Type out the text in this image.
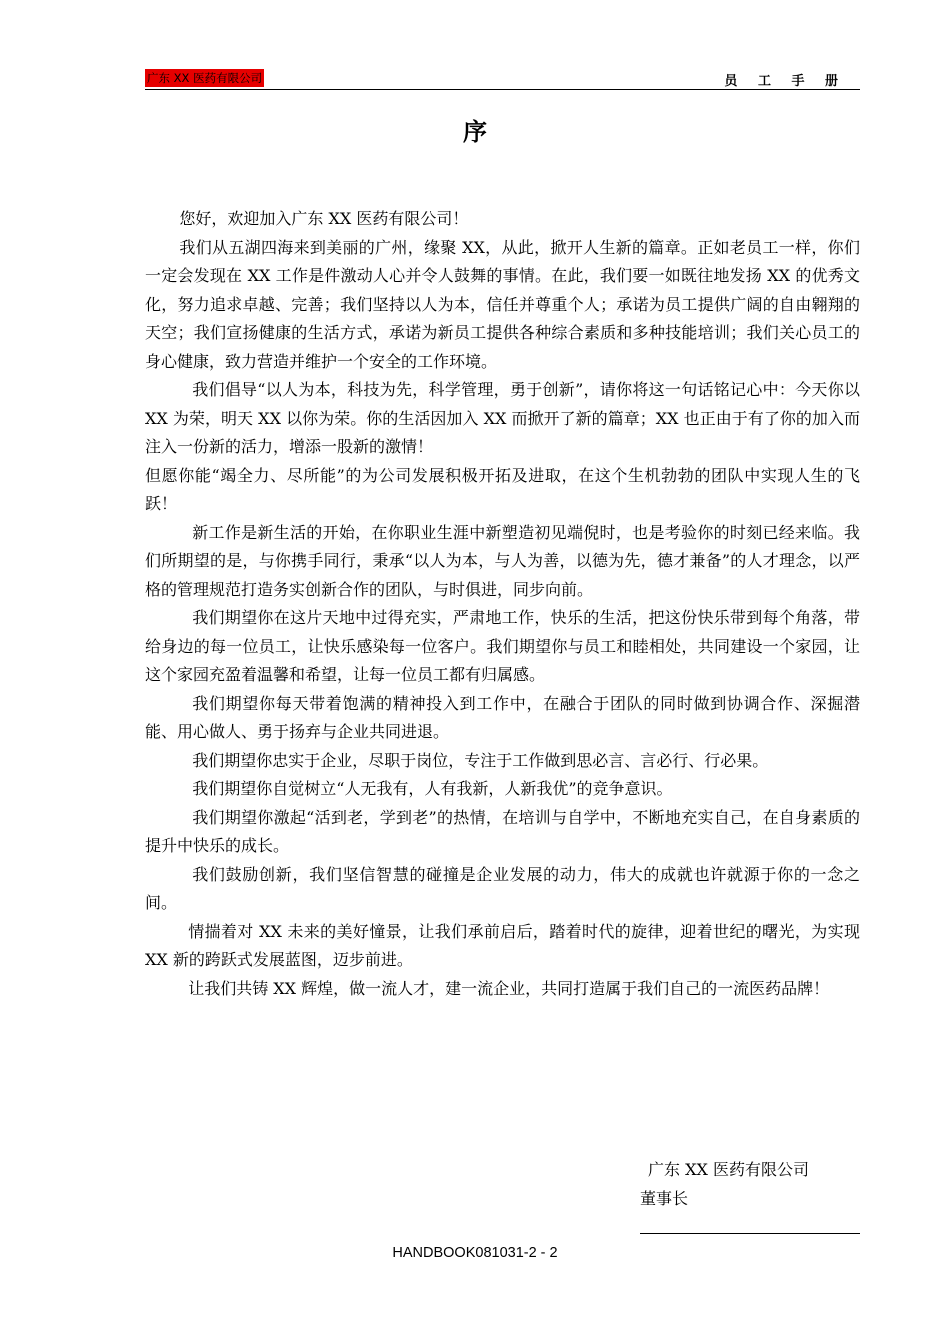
广东 XX 医药有限公司	员 工 手 册
序

您好，欢迎加入广东 XX 医药有限公司！

我们从五湖四海来到美丽的广州，缘聚 XX，从此，掀开人生新的篇章。正如老员工一样，你们一定会发现在 XX 工作是件激动人心并令人鼓舞的事情。在此，我们要一如既往地发扬 XX 的优秀文化，努力追求卓越、完善；我们坚持以人为本，信任并尊重个人；承诺为员工提供广阔的自由翱翔的天空；我们宣扬健康的生活方式，承诺为新员工提供各种综合素质和多种技能培训；我们关心员工的身心健康，致力营造并维护一个安全的工作环境。

我们倡导“以人为本，科技为先，科学管理，勇于创新”，请你将这一句话铭记心中：今天你以 XX 为荣，明天 XX 以你为荣。你的生活因加入 XX 而掀开了新的篇章；XX 也正由于有了你的加入而注入一份新的活力，增添一股新的激情！

但愿你能“竭全力、尽所能”的为公司发展积极开拓及进取，在这个生机勃勃的团队中实现人生的飞跃！

新工作是新生活的开始，在你职业生涯中新塑造初见端倪时，也是考验你的时刻已经来临。我们所期望的是，与你携手同行，秉承“以人为本，与人为善，以德为先，德才兼备”的人才理念，以严格的管理规范打造务实创新合作的团队，与时俱进，同步向前。

我们期望你在这片天地中过得充实，严肃地工作，快乐的生活，把这份快乐带到每个角落，带给身边的每一位员工，让快乐感染每一位客户。我们期望你与员工和睦相处，共同建设一个家园，让这个家园充盈着温馨和希望，让每一位员工都有归属感。

我们期望你每天带着饱满的精神投入到工作中，在融合于团队的同时做到协调合作、深掘潜能、用心做人、勇于扬弃与企业共同进退。

我们期望你忠实于企业，尽职于岗位，专注于工作做到思必言、言必行、行必果。

我们期望你自觉树立“人无我有，人有我新，人新我优”的竞争意识。

我们期望你激起“活到老，学到老”的热情，在培训与自学中，不断地充实自己，在自身素质的提升中快乐的成长。

我们鼓励创新，我们坚信智慧的碰撞是企业发展的动力，伟大的成就也许就源于你的一念之间。

情揣着对 XX 未来的美好憧景，让我们承前启后，踏着时代的旋律，迎着世纪的曙光，为实现 XX 新的跨跃式发展蓝图，迈步前进。

让我们共铸 XX 辉煌，做一流人才，建一流企业，共同打造属于我们自己的一流医药品牌！

广东 XX 医药有限公司
董事长
HANDBOOK081031-2 - 2
